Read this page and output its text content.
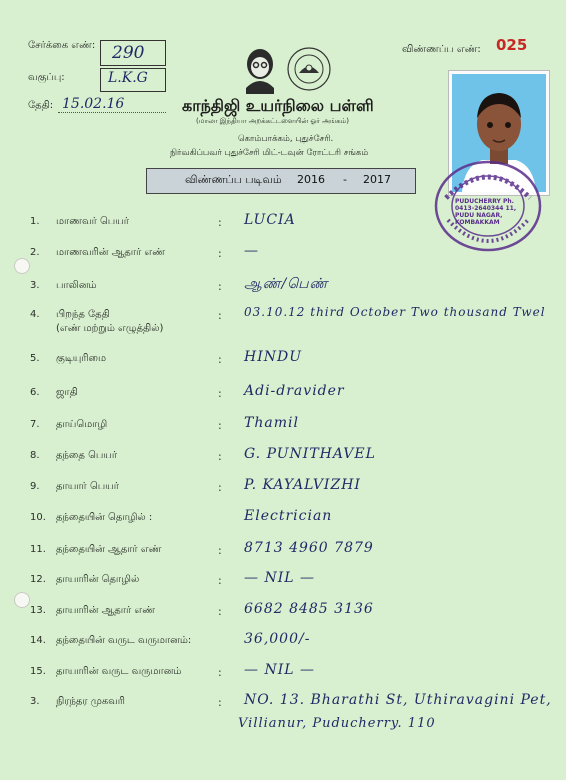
சேர்க்கை எண்: 290
வகுப்பு:	L.K.G
தேதி: 15.02.16
விண்ணப்ப எண்: 025
காந்திஜி உயர்நிலை பள்ளி
(மாலா இந்தியா அறக்கட்டளையின் ஓர் அங்கம்)
கொம்பாக்கம், புதுச்சேரி.
நிர்வகிப்பவர் புதுச்சேரி மிட்-டவுன் ரோட்டரி சங்கம்
விண்ணப்ப படிவம் 2016 - 2017
PUDUCHERRY Ph. 0413-2640344 11, PUDU NAGAR, KOMBAKKAM
1. மாணவர் பெயர்	: LUCIA
2. மாணவரின் ஆதார் எண்	: —
3. பாலினம்	: ஆண்/பெண்
4. பிறந்த தேதி
(எண் மற்றும் எழுத்தில்)
: 03.10.12 third October Two thousand Twel
5. குடியுரிமை	: HINDU
6. ஜாதி	: Adi-dravider
7. தாய்மொழி	: Thamil
8. தந்தை பெயர்	: G. PUNITHAVEL
9. தாயார் பெயர்	: P. KAYALVIZHI
10. தந்தையின் தொழில் :	Electrician
11. தந்தையின் ஆதார் எண்	: 8713 4960 7879
12. தாயாரின் தொழில்	: — NIL —
13. தாயாரின் ஆதார் எண்	: 6682 8485 3136
14. தந்தையின் வருட வருமானம்:	36,000/-
15. தாயாரின் வருட வருமானம்	: — NIL —
3. நிரந்தர முகவரி	: NO. 13. Bharathi St, Uthiravagini Pet,
Villianur, Puducherry. 110
